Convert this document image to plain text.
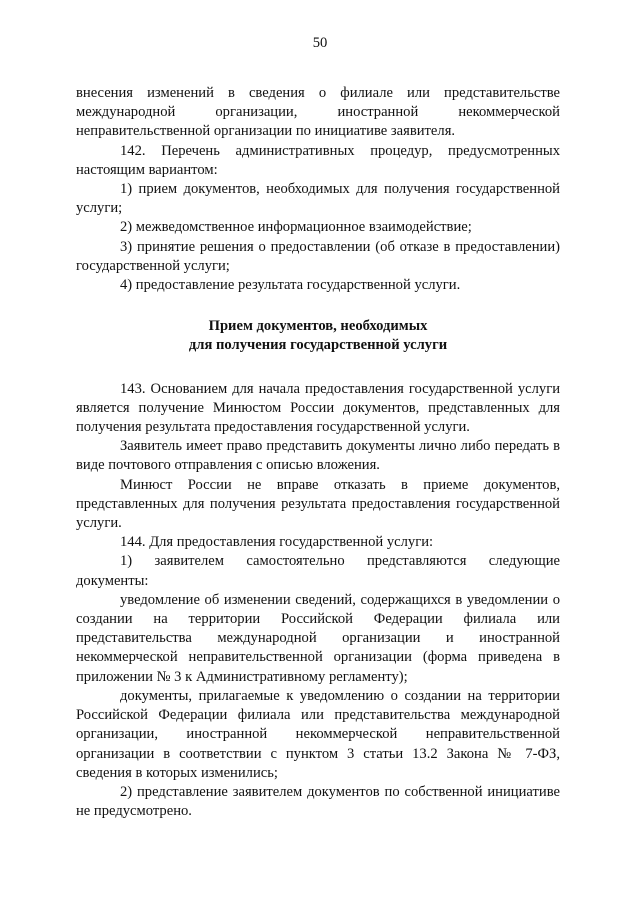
50

внесения изменений в сведения о филиале или представительстве международной организации, иностранной некоммерческой неправительственной организации по инициативе заявителя.

142. Перечень административных процедур, предусмотренных настоящим вариантом:

1) прием документов, необходимых для получения государственной услуги;

2) межведомственное информационное взаимодействие;

3) принятие решения о предоставлении (об отказе в предоставлении) государственной услуги;

4) предоставление результата государственной услуги.

Прием документов, необходимых

для получения государственной услуги

143. Основанием для начала предоставления государственной услуги является получение Минюстом России документов, представленных для получения результата предоставления государственной услуги.

Заявитель имеет право представить документы лично либо передать в виде почтового отправления с описью вложения.

Минюст России не вправе отказать в приеме документов, представленных для получения результата предоставления государственной услуги.

144. Для предоставления государственной услуги:

1) заявителем самостоятельно представляются следующие документы:

уведомление об изменении сведений, содержащихся в уведомлении о создании на территории Российской Федерации филиала или представительства международной организации и иностранной некоммерческой неправительственной организации (форма приведена в приложении № 3 к Административному регламенту);

документы, прилагаемые к уведомлению о создании на территории Российской Федерации филиала или представительства международной организации, иностранной некоммерческой неправительственной организации в соответствии с пунктом 3 статьи 13.2 Закона № 7-ФЗ, сведения в которых изменились;

2) представление заявителем документов по собственной инициативе не предусмотрено.
